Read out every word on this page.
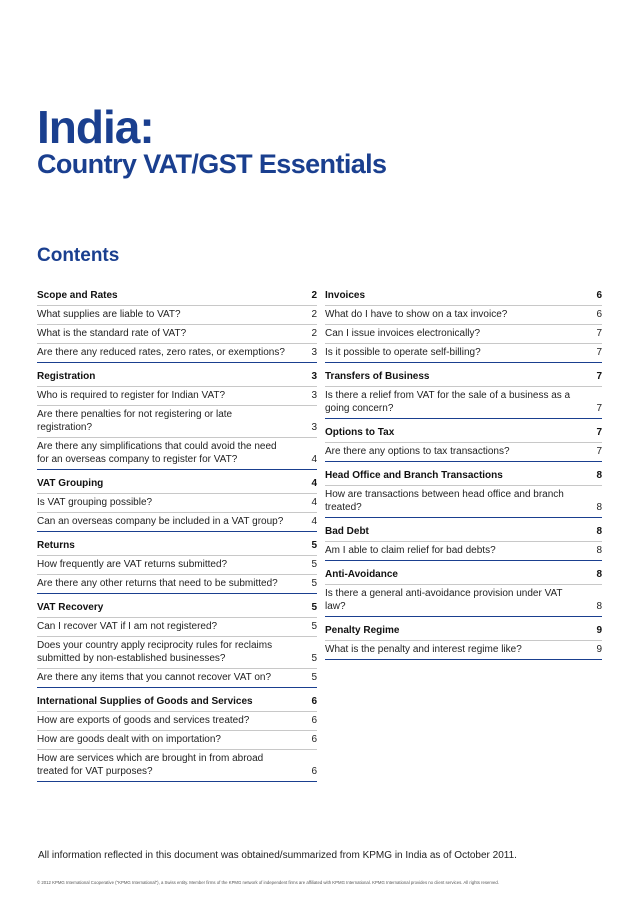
India:
Country VAT/GST Essentials
Contents
Scope and Rates	2
What supplies are liable to VAT?	2
What is the standard rate of VAT?	2
Are there any reduced rates, zero rates, or exemptions?	3
Registration	3
Who is required to register for Indian VAT?	3
Are there penalties for not registering or late registration?	3
Are there any simplifications that could avoid the need for an overseas company to register for VAT?	4
VAT Grouping	4
Is VAT grouping possible?	4
Can an overseas company be included in a VAT group?	4
Returns	5
How frequently are VAT returns submitted?	5
Are there any other returns that need to be submitted?	5
VAT Recovery	5
Can I recover VAT if I am not registered?	5
Does your country apply reciprocity rules for reclaims submitted by non-established businesses?	5
Are there any items that you cannot recover VAT on?	5
International Supplies of Goods and Services	6
How are exports of goods and services treated?	6
How are goods dealt with on importation?	6
How are services which are brought in from abroad treated for VAT purposes?	6
Invoices	6
What do I have to show on a tax invoice?	6
Can I issue invoices electronically?	7
Is it possible to operate self-billing?	7
Transfers of Business	7
Is there a relief from VAT for the sale of a business as a going concern?	7
Options to Tax	7
Are there any options to tax transactions?	7
Head Office and Branch Transactions	8
How are transactions between head office and branch treated?	8
Bad Debt	8
Am I able to claim relief for bad debts?	8
Anti-Avoidance	8
Is there a general anti-avoidance provision under VAT law?	8
Penalty Regime	9
What is the penalty and interest regime like?	9
All information reflected in this document was obtained/summarized from KPMG in India as of October 2011.
© 2012 KPMG International Cooperative ("KPMG International"), a Swiss entity. Member firms of the KPMG network of independent firms are affiliated with KPMG International. KPMG International provides no client services. All rights reserved.
